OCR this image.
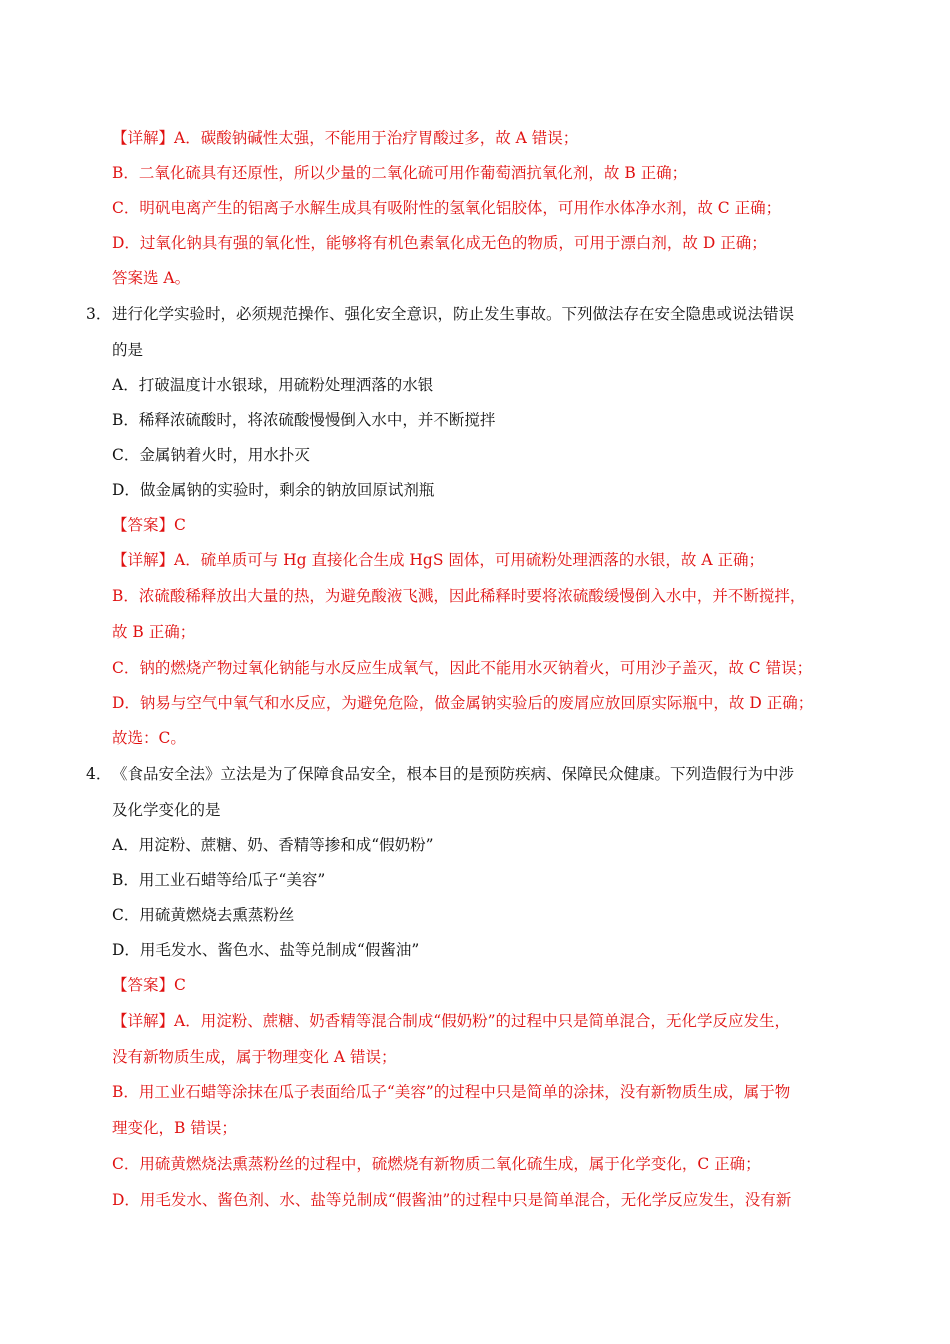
【详解】A．碳酸钠碱性太强，不能用于治疗胃酸过多，故 A 错误；
B．二氧化硫具有还原性，所以少量的二氧化硫可用作葡萄酒抗氧化剂，故 B 正确；
C．明矾电离产生的铝离子水解生成具有吸附性的氢氧化铝胶体，可用作水体净水剂，故 C 正确；
D．过氧化钠具有强的氧化性，能够将有机色素氧化成无色的物质，可用于漂白剂，故 D 正确；
答案选 A。
3． 进行化学实验时，必须规范操作、强化安全意识，防止发生事故。下列做法存在安全隐患或说法错误
的是
A．打破温度计水银球，用硫粉处理洒落的水银
B．稀释浓硫酸时，将浓硫酸慢慢倒入水中，并不断搅拌
C．金属钠着火时，用水扑灭
D．做金属钠的实验时，剩余的钠放回原试剂瓶
【答案】C
【详解】A．硫单质可与 Hg 直接化合生成 HgS 固体，可用硫粉处理洒落的水银，故 A 正确；
B．浓硫酸稀释放出大量的热，为避免酸液飞溅，因此稀释时要将浓硫酸缓慢倒入水中，并不断搅拌，
故 B 正确；
C．钠的燃烧产物过氧化钠能与水反应生成氧气，因此不能用水灭钠着火，可用沙子盖灭，故 C 错误；
D．钠易与空气中氧气和水反应，为避免危险，做金属钠实验后的废屑应放回原实际瓶中，故 D 正确；
故选：C。
4． 《食品安全法》立法是为了保障食品安全，根本目的是预防疾病、保障民众健康。下列造假行为中涉
及化学变化的是
A．用淀粉、蔗糖、奶、香精等掺和成“假奶粉”
B．用工业石蜡等给瓜子“美容”
C．用硫黄燃烧去熏蒸粉丝
D．用毛发水、酱色水、盐等兑制成“假酱油”
【答案】C
【详解】A．用淀粉、蔗糖、奶香精等混合制成“假奶粉”的过程中只是简单混合，无化学反应发生，
没有新物质生成，属于物理变化 A 错误；
B．用工业石蜡等涂抹在瓜子表面给瓜子“美容”的过程中只是简单的涂抹，没有新物质生成，属于物
理变化，B 错误；
C．用硫黄燃烧法熏蒸粉丝的过程中，硫燃烧有新物质二氧化硫生成，属于化学变化，C 正确；
D．用毛发水、酱色剂、水、盐等兑制成“假酱油”的过程中只是简单混合，无化学反应发生，没有新
